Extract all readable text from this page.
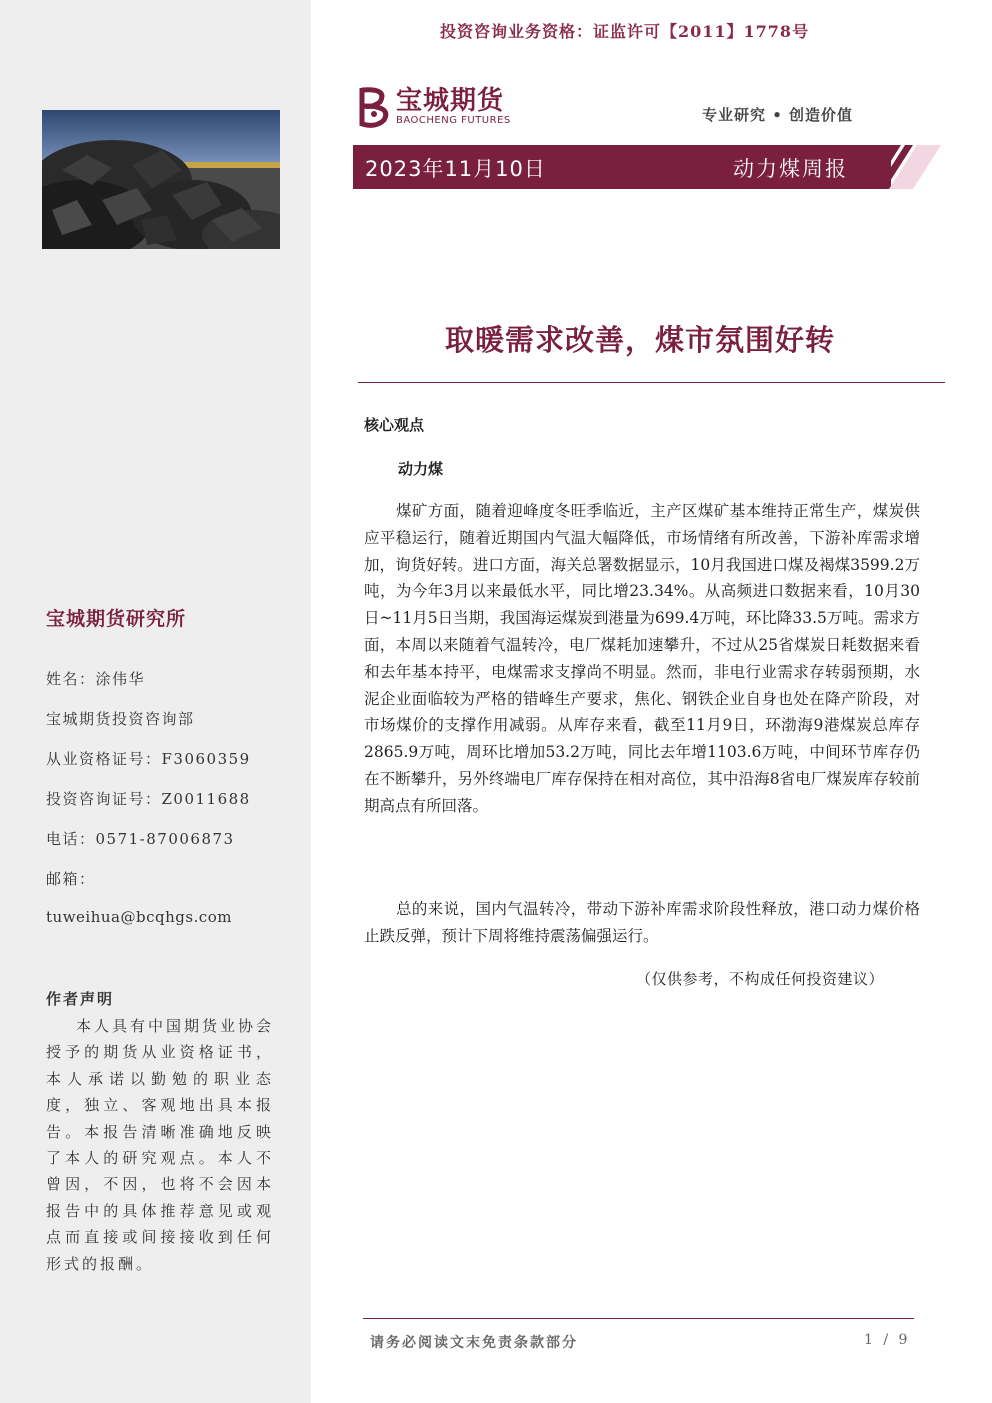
宝城期货研究所
姓名：涂伟华
宝城期货投资咨询部
从业资格证号：F3060359
投资咨询证号：Z0011688
电话：0571-87006873
邮箱：
tuweihua@bcqhgs.com
作者声明
本人具有中国期货业协会授予的期货从业资格证书，本人承诺以勤勉的职业态度，独立、客观地出具本报告。本报告清晰准确地反映了本人的研究观点。本人不曾因，不因，也将不会因本报告中的具体推荐意见或观点而直接或间接接收到任何形式的报酬。
投资咨询业务资格：证监许可【2011】1778号
宝城期货
BAOCHENG FUTURES	专业研究 • 创造价值
2023年11月10日	动力煤周报
取暖需求改善，煤市氛围好转
核心观点
动力煤
煤矿方面，随着迎峰度冬旺季临近，主产区煤矿基本维持正常生产，煤炭供应平稳运行，随着近期国内气温大幅降低，市场情绪有所改善，下游补库需求增加，询货好转。进口方面，海关总署数据显示，10月我国进口煤及褐煤3599.2万吨，为今年3月以来最低水平，同比增23.34%。从高频进口数据来看，10月30日~11月5日当期，我国海运煤炭到港量为699.4万吨，环比降33.5万吨。需求方面，本周以来随着气温转冷，电厂煤耗加速攀升，不过从25省煤炭日耗数据来看和去年基本持平，电煤需求支撑尚不明显。然而，非电行业需求存转弱预期，水泥企业面临较为严格的错峰生产要求，焦化、钢铁企业自身也处在降产阶段，对市场煤价的支撑作用减弱。从库存来看，截至11月9日，环渤海9港煤炭总库存2865.9万吨，周环比增加53.2万吨，同比去年增1103.6万吨，中间环节库存仍在不断攀升，另外终端电厂库存保持在相对高位，其中沿海8省电厂煤炭库存较前期高点有所回落。
总的来说，国内气温转冷，带动下游补库需求阶段性释放，港口动力煤价格止跌反弹，预计下周将维持震荡偏强运行。
（仅供参考，不构成任何投资建议）
请务必阅读文末免责条款部分	1 / 9
